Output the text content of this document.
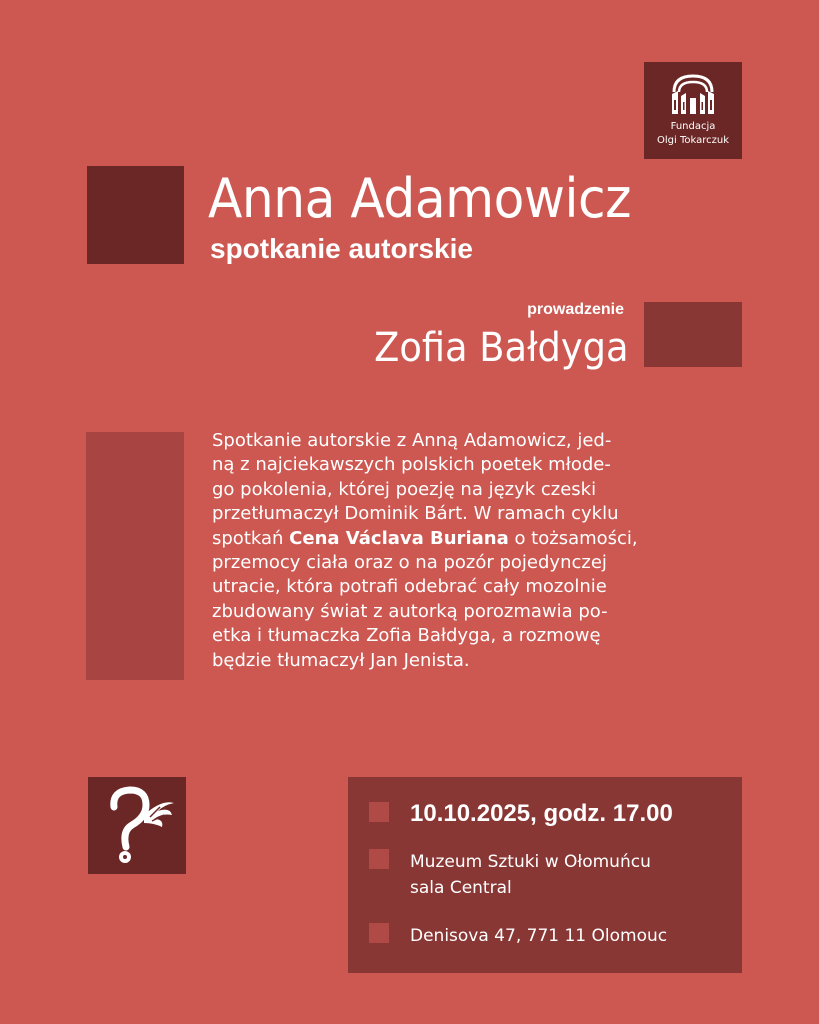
Fundacja
Olgi Tokarczuk
Anna Adamowicz
spotkanie autorskie
prowadzenie
Zofia Bałdyga

Spotkanie autorskie z Anną Adamowicz, jed-

ną z najciekawszych polskich poetek młode-

go pokolenia, której poezję na język czeski

przetłumaczył Dominik Bárt. W ramach cyklu

spotkań Cena Václava Buriana o tożsamości,

przemocy ciała oraz o na pozór pojedynczej

utracie, która potrafi odebrać cały mozolnie

zbudowany świat z autorką porozmawia po-

etka i tłumaczka Zofia Bałdyga, a rozmowę

będzie tłumaczył Jan Jenista.

10.10.2025, godz. 17.00
Muzeum Sztuki w Ołomuńcu
sala Central
Denisova 47, 771 11 Olomouc
